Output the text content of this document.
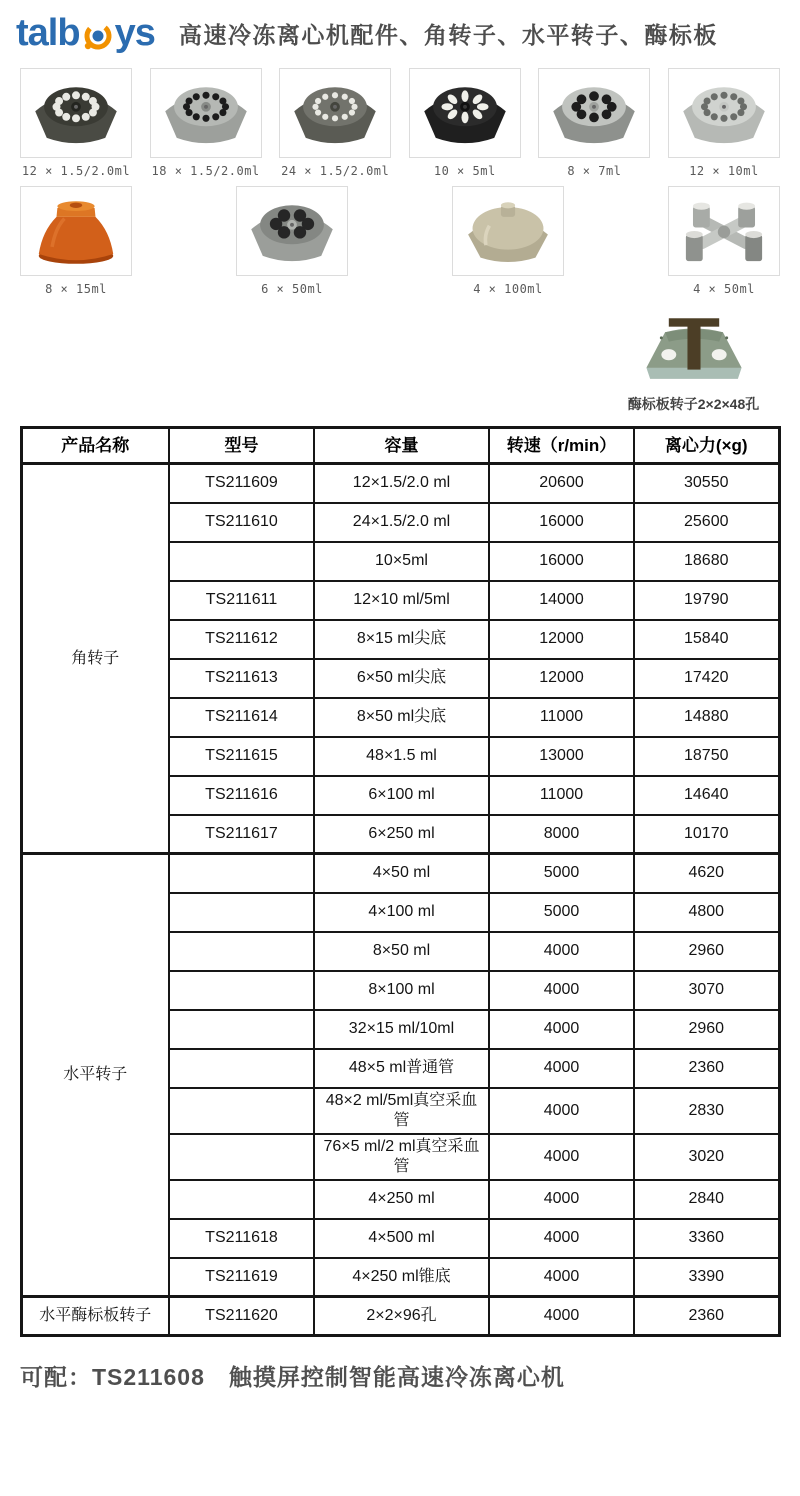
talb ys 高速冷冻离心机配件、角转子、水平转子、酶标板
12 × 1.5/2.0ml 18 × 1.5/2.0ml 24 × 1.5/2.0ml	10 × 5ml	8 × 7ml	12 × 10ml
8 × 15ml	6 × 50ml	4 × 100ml	4 × 50ml
酶标板转子2×2×48孔
产品名称	型号	容量	转速（r/min）	离心力(×g)
角转子	TS211609	12×1.5/2.0 ml	20600	30550
	TS211610	24×1.5/2.0 ml	16000	25600
		10×5ml	16000	18680
	TS211611	12×10 ml/5ml	14000	19790
	TS211612	8×15 ml尖底	12000	15840
	TS211613	6×50 ml尖底	12000	17420
	TS211614	8×50 ml尖底	11000	14880
	TS211615	48×1.5 ml	13000	18750
	TS211616	6×100 ml	11000	14640
	TS211617	6×250 ml	8000	10170
水平转子		4×50 ml	5000	4620
		4×100 ml	5000	4800
		8×50 ml	4000	2960
		8×100 ml	4000	3070
		32×15 ml/10ml	4000	2960
		48×5 ml普通管	4000	2360
		48×2 ml/5ml真空采血管	4000	2830
		76×5 ml/2 ml真空采血管	4000	3020
		4×250 ml	4000	2840
	TS211618	4×500 ml	4000	3360
	TS211619	4×250 ml锥底	4000	3390
水平酶标板转子	TS211620	2×2×96孔	4000	2360
可配：TS211608　触摸屏控制智能高速冷冻离心机
